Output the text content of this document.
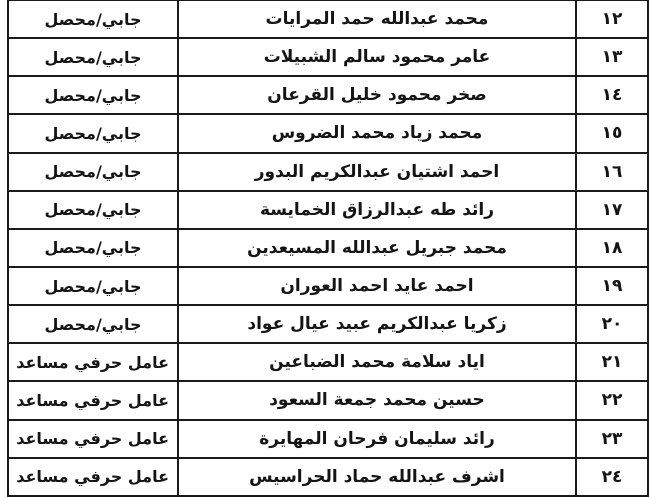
١٢	محمد عبدالله حمد المرايات	جابي/محصل
١٣	عامر محمود سالم الشبيلات	جابي/محصل
١٤	صخر محمود خليل القرعان	جابي/محصل
١٥	محمد زياد محمد الضروس	جابي/محصل
١٦	احمد اشتيان عبدالكريم البدور	جابي/محصل
١٧	رائد طه عبدالرزاق الخمايسة	جابي/محصل
١٨	محمد جبريل عبدالله المسيعدين	جابي/محصل
١٩	احمد عايد احمد العوران	جابي/محصل
٢٠	زكريا عبدالكريم عبيد عيال عواد	جابي/محصل
٢١	اياد سلامة محمد الضباعين	عامل حرفي مساعد
٢٢	حسين محمد جمعة السعود	عامل حرفي مساعد
٢٣	رائد سليمان فرحان المهايرة	عامل حرفي مساعد
٢٤	اشرف عبدالله حماد الحراسيس	عامل حرفي مساعد
